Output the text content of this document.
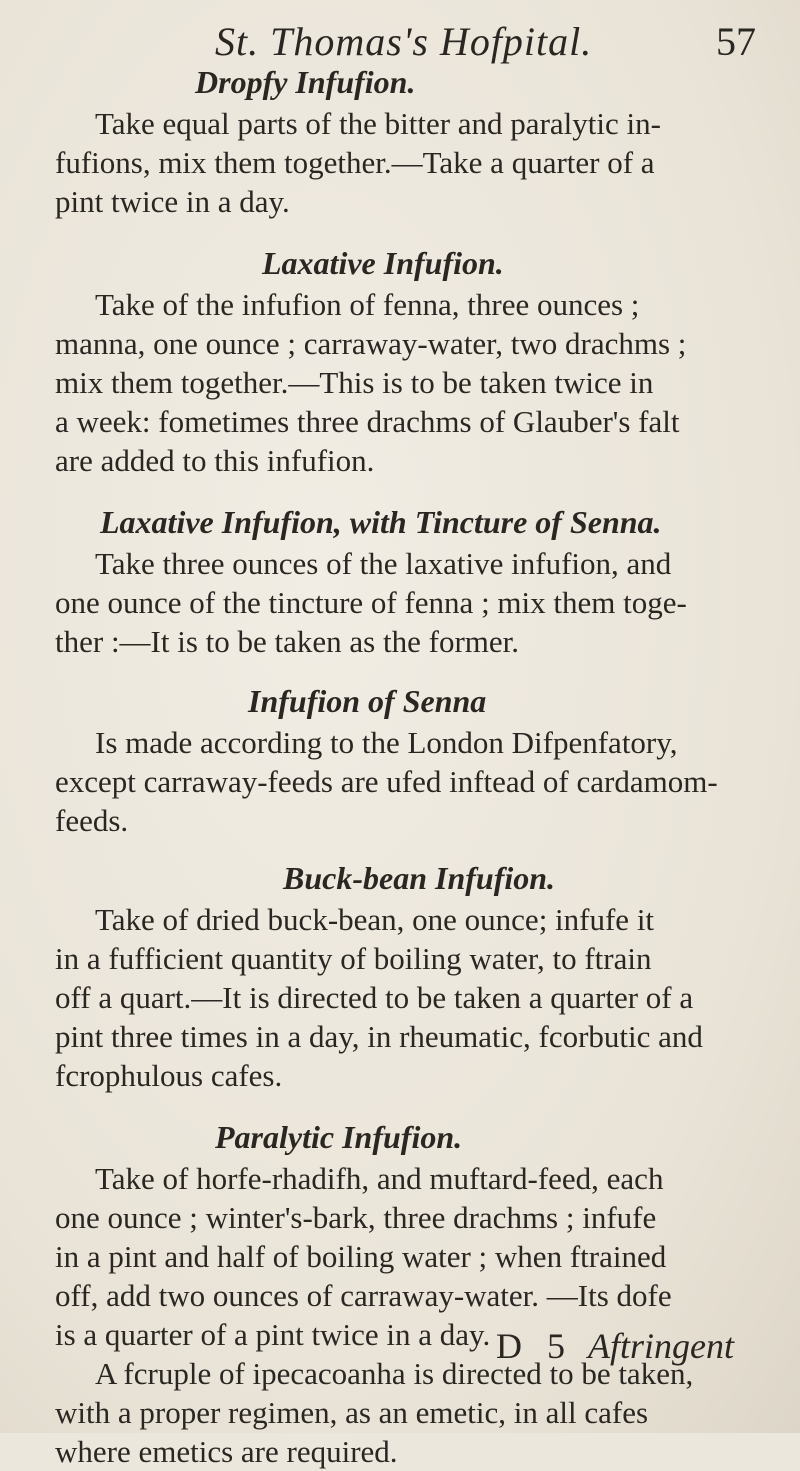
St. Thomas's Hofpital.	57
Dropfy Infufion.

Take equal parts of the bitter and paralytic in-
fufions, mix them together.—Take a quarter of a
pint twice in a day.

Laxative Infufion.

Take of the infufion of fenna, three ounces ;
manna, one ounce ; carraway-water, two drachms ;
mix them together.—This is to be taken twice in
a week: fometimes three drachms of Glauber's falt
are added to this infufion.

Laxative Infufion, with Tincture of Senna.

Take three ounces of the laxative infufion, and
one ounce of the tincture of fenna ; mix them toge-
ther :—It is to be taken as the former.

Infufion of Senna

Is made according to the London Difpenfatory,
except carraway-feeds are ufed inftead of cardamom-
feeds.

Buck-bean Infufion.

Take of dried buck-bean, one ounce; infufe it
in a fufficient quantity of boiling water, to ftrain
off a quart.—It is directed to be taken a quarter of a
pint three times in a day, in rheumatic, fcorbutic and
fcrophulous cafes.

Paralytic Infufion.

Take of horfe-rhadifh, and muftard-feed, each
one ounce ; winter's-bark, three drachms ; infufe
in a pint and half of boiling water ; when ftrained
off, add two ounces of carraway-water. —Its dofe
is a quarter of a pint twice in a day.
A fcruple of ipecacoanha is directed to be taken,
with a proper regimen, as an emetic, in all cafes
where emetics are required.

D 5 Aftringent
